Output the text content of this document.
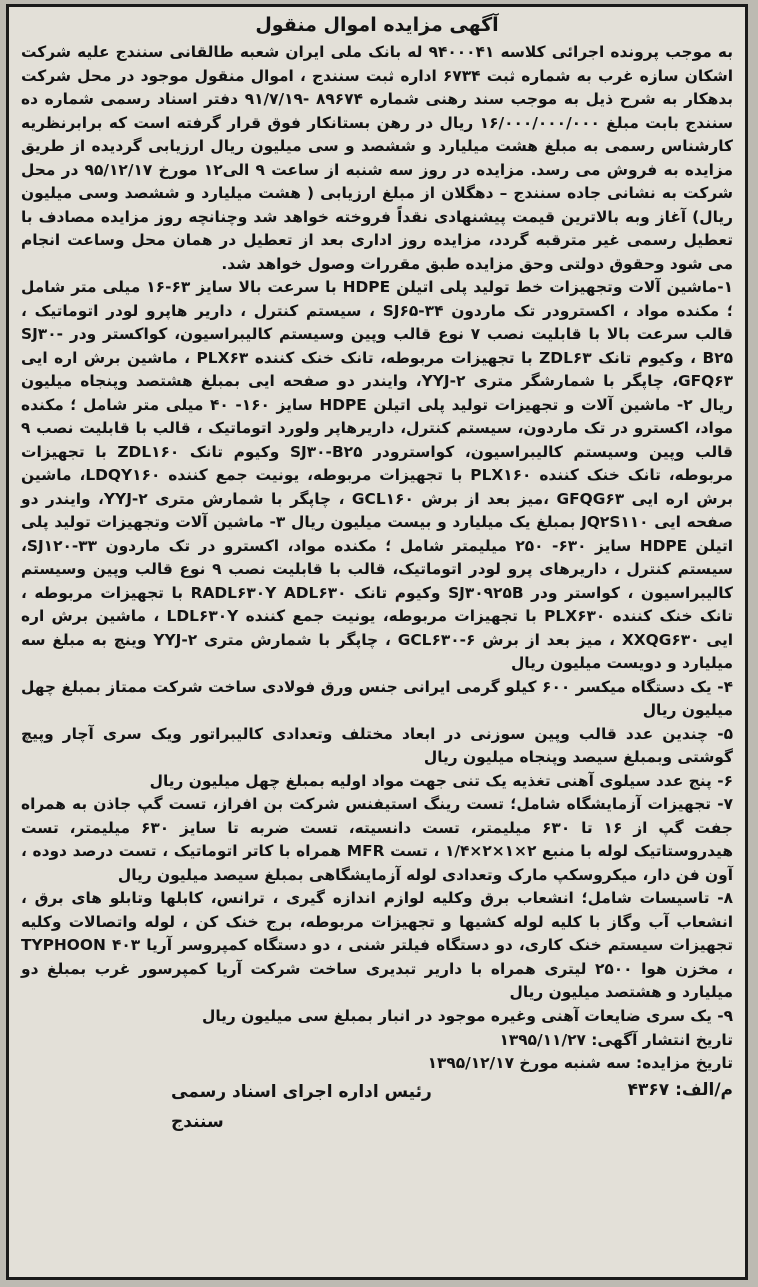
آگهی مزایده اموال منقول

به موجب پرونده اجرائی کلاسه ۹۴۰۰۰۴۱ له بانک ملی ایران شعبه طالقانی سنندج علیه شرکت اشکان سازه غرب به شماره ثبت ۶۷۳۴ اداره ثبت سنندج ، اموال منقول موجود در محل شرکت بدهکار به شرح ذیل به موجب سند رهنی شماره ۸۹۶۷۴ -۹۱/۷/۱۹ دفتر اسناد رسمی شماره ده سنندج بابت مبلغ ۱۶/۰۰۰/۰۰۰/۰۰۰ ریال در رهن بستانکار فوق قرار گرفته است که برابرنظریه کارشناس رسمی به مبلغ هشت میلیارد و ششصد و سی میلیون ریال ارزیابی گردیده از طریق مزایده به فروش می رسد. مزایده در روز سه شنبه از ساعت ۹ الی۱۲ مورخ ۹۵/۱۲/۱۷ در محل شرکت به نشانی جاده سنندج – دهگلان از مبلغ ارزیابی ( هشت میلیارد و ششصد وسی میلیون ریال) آغاز وبه بالاترین قیمت پیشنهادی نقداً فروخته خواهد شد وچنانچه روز مزایده مصادف با تعطیل رسمی غیر مترقبه گردد، مزایده روز اداری بعد از تعطیل در همان محل وساعت انجام می شود وحقوق دولتی وحق مزایده طبق مقررات وصول خواهد شد.

۱-ماشین آلات وتجهیزات خط تولید پلی اتیلن HDPE با سرعت بالا سایز ۶۳-۱۶ میلی متر شامل ؛ مکنده مواد ، اکسترودر تک ماردون SJ۶۵-۳۴ ، سیستم کنترل ، داریر هاپرو لودر اتوماتیک ، قالب سرعت بالا با قابلیت نصب ۷ نوع قالب وپین وسیستم کالیبراسیون، کواکستر ودر SJ۳۰-B۲۵ ، وکیوم تانک ZDL۶۳ با تجهیزات مربوطه، تانک خنک کننده PLX۶۳ ، ماشین برش اره ایی GFQ۶۳، چاپگر با شمارشگر متری YYJ-۲، وایندر دو صفحه ایی بمبلغ هشتصد وپنجاه میلیون ریال ۲- ماشین آلات و تجهیزات تولید پلی اتیلن HDPE سایز ۱۶۰- ۴۰ میلی متر شامل ؛ مکنده مواد، اکسترو در تک ماردون، سیستم کنترل، داریرهاپر ولورد اتوماتیک ، قالب با قابلیت نصب ۹ قالب وپین وسیستم کالیبراسیون، کواسترودر SJ۳۰-B۲۵ وکیوم تانک ZDL۱۶۰ با تجهیزات مربوطه، تانک خنک کننده PLX۱۶۰ با تجهیزات مربوطه، یونیت جمع کننده LDQY۱۶۰، ماشین برش اره ایی GFQG۶۳ ،میز بعد از برش GCL۱۶۰ ، چاپگر با شمارش متری YYJ-۲، وایندر دو صفحه ایی JQ۲S۱۱۰ بمبلغ یک میلیارد و بیست میلیون ریال ۳- ماشین آلات وتجهیزات تولید پلی اتیلن HDPE سایز ۶۳۰- ۲۵۰ میلیمتر شامل ؛ مکنده مواد، اکسترو در تک ماردون SJ۱۲۰-۳۳، سیستم کنترل ، داریرهای پرو لودر اتوماتیک، قالب با قابلیت نصب ۹ نوع قالب وپین وسیستم کالیبراسیون ، کواستر ودر SJ۳۰۹۲۵B وکیوم تانک RADL۶۳۰Y ADL۶۳۰ با تجهیزات مربوطه ، تانک خنک کننده PLX۶۳۰ با تجهیزات مربوطه، یونیت جمع کننده LDL۶۳۰Y ، ماشین برش اره ایی XXQG۶۳۰ ، میز بعد از برش GCL۶۳۰-۶ ، چاپگر با شمارش متری YYJ-۲ وینچ به مبلغ سه میلیارد و دویست میلیون ریال

۴- یک دستگاه میکسر ۶۰۰ کیلو گرمی ایرانی جنس ورق فولادی ساخت شرکت ممتاز بمبلغ چهل میلیون ریال

۵- چندین عدد قالب وپین سوزنی در ابعاد مختلف وتعدادی کالیبراتور ویک سری آچار وپیچ گوشتی وبمبلغ سیصد وپنجاه میلیون ریال

۶- پنج عدد سیلوی آهنی تغذیه یک تنی جهت مواد اولیه بمبلغ چهل میلیون ریال

۷- تجهیزات آزمایشگاه شامل؛ تست رینگ استیفنس شرکت بن افراز، تست گپ جاذن به همراه جفت گپ از ۱۶ تا ۶۳۰ میلیمتر، تست دانسیته، تست ضربه تا سایز ۶۳۰ میلیمتر، تست هیدروستاتیک لوله با منبع ۲×۱×۲×۱/۴ ، تست MFR همراه با کاتر اتوماتیک ، تست درصد دوده ، آون فن دار، میکروسکپ مارک وتعدادی لوله آزمایشگاهی بمبلغ سیصد میلیون ریال

۸- تاسیسات شامل؛ انشعاب برق وکلیه لوازم اندازه گیری ، ترانس، کابلها وتابلو های برق ، انشعاب آب وگاز با کلیه لوله کشیها و تجهیزات مربوطه، برج خنک کن ، لوله واتصالات وکلیه تجهیزات سیستم خنک کاری، دو دستگاه فیلتر شنی ، دو دستگاه کمپروسر آریا TYPHOON ۴۰۳ ، مخزن هوا ۲۵۰۰ لیتری همراه با داریر تبدیری ساخت شرکت آریا کمپرسور غرب بمبلغ دو میلیارد و هشتصد میلیون ریال

۹- یک سری ضایعات آهنی وغیره موجود در انبار بمبلغ سی میلیون ریال

تاریخ انتشار آگهی: ۱۳۹۵/۱۱/۲۷

تاریخ مزایده: سه شنبه مورخ ۱۳۹۵/۱۲/۱۷

م/الف: ۴۳۶۷
رئیس اداره اجرای اسناد رسمی
سنندج
